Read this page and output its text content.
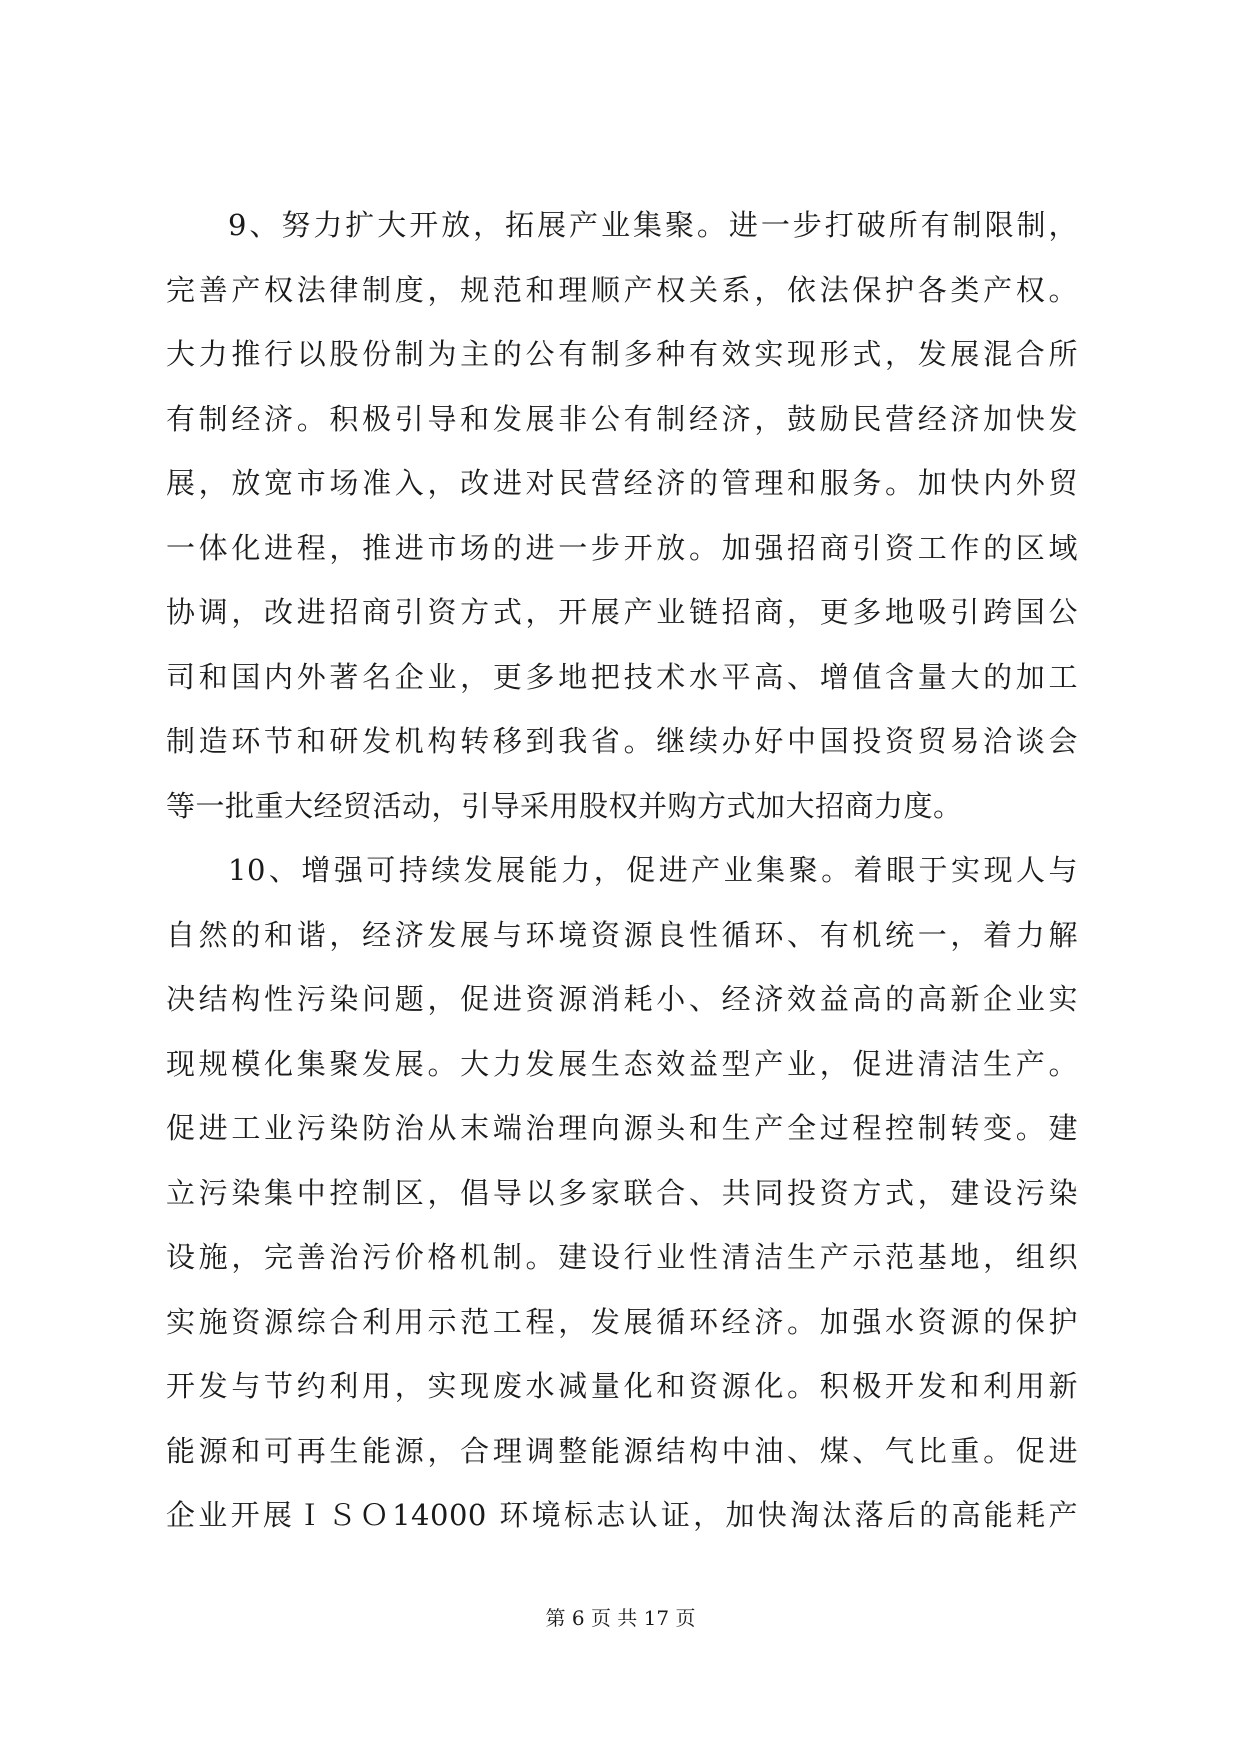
9、努力扩大开放，拓展产业集聚。进一步打破所有制限制，
完善产权法律制度，规范和理顺产权关系，依法保护各类产权。
大力推行以股份制为主的公有制多种有效实现形式，发展混合所
有制经济。积极引导和发展非公有制经济，鼓励民营经济加快发
展，放宽市场准入，改进对民营经济的管理和服务。加快内外贸
一体化进程，推进市场的进一步开放。加强招商引资工作的区域
协调，改进招商引资方式，开展产业链招商，更多地吸引跨国公
司和国内外著名企业，更多地把技术水平高、增值含量大的加工
制造环节和研发机构转移到我省。继续办好中国投资贸易洽谈会
等一批重大经贸活动，引导采用股权并购方式加大招商力度。
10、增强可持续发展能力，促进产业集聚。着眼于实现人与
自然的和谐，经济发展与环境资源良性循环、有机统一，着力解
决结构性污染问题，促进资源消耗小、经济效益高的高新企业实
现规模化集聚发展。大力发展生态效益型产业，促进清洁生产。
促进工业污染防治从末端治理向源头和生产全过程控制转变。建
立污染集中控制区，倡导以多家联合、共同投资方式，建设污染
设施，完善治污价格机制。建设行业性清洁生产示范基地，组织
实施资源综合利用示范工程，发展循环经济。加强水资源的保护
开发与节约利用，实现废水减量化和资源化。积极开发和利用新
能源和可再生能源，合理调整能源结构中油、煤、气比重。促进
企业开展ＩＳＯ14000 环境标志认证，加快淘汰落后的高能耗产
第 6 页 共 17 页
